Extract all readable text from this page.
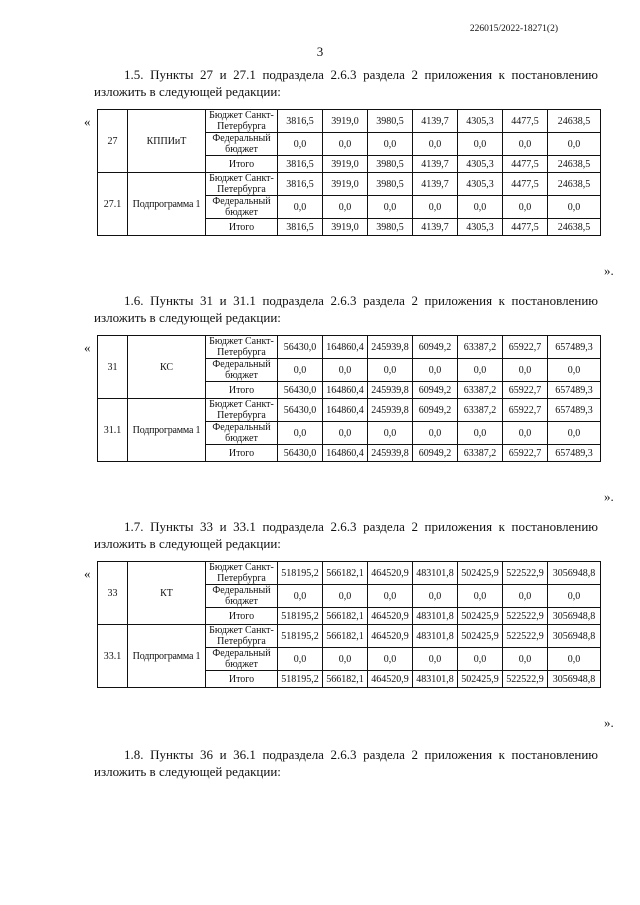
226015/2022-18271(2)
3
1.5. Пункты 27 и 27.1 подраздела 2.6.3 раздела 2 приложения к постановлению
изложить в следующей редакции:
«
27	КППИиТ	Бюджет Санкт-Петербурга	3816,5	3919,0	3980,5	4139,7	4305,3	4477,5	24638,5
		Федеральный бюджет	0,0	0,0	0,0	0,0	0,0	0,0	0,0
		Итого	3816,5	3919,0	3980,5	4139,7	4305,3	4477,5	24638,5
27.1	Подпрограмма 1	Бюджет Санкт-Петербурга	3816,5	3919,0	3980,5	4139,7	4305,3	4477,5	24638,5
		Федеральный бюджет	0,0	0,0	0,0	0,0	0,0	0,0	0,0
		Итого	3816,5	3919,0	3980,5	4139,7	4305,3	4477,5	24638,5
».
1.6. Пункты 31 и 31.1 подраздела 2.6.3 раздела 2 приложения к постановлению
изложить в следующей редакции:
«
31	КС	Бюджет Санкт-Петербурга	56430,0	164860,4	245939,8	60949,2	63387,2	65922,7	657489,3
		Федеральный бюджет	0,0	0,0	0,0	0,0	0,0	0,0	0,0
		Итого	56430,0	164860,4	245939,8	60949,2	63387,2	65922,7	657489,3
31.1	Подпрограмма 1	Бюджет Санкт-Петербурга	56430,0	164860,4	245939,8	60949,2	63387,2	65922,7	657489,3
		Федеральный бюджет	0,0	0,0	0,0	0,0	0,0	0,0	0,0
		Итого	56430,0	164860,4	245939,8	60949,2	63387,2	65922,7	657489,3
».
1.7. Пункты 33 и 33.1 подраздела 2.6.3 раздела 2 приложения к постановлению
изложить в следующей редакции:
«
33	КТ	Бюджет Санкт-Петербурга	518195,2	566182,1	464520,9	483101,8	502425,9	522522,9	3056948,8
		Федеральный бюджет	0,0	0,0	0,0	0,0	0,0	0,0	0,0
		Итого	518195,2	566182,1	464520,9	483101,8	502425,9	522522,9	3056948,8
33.1	Подпрограмма 1	Бюджет Санкт-Петербурга	518195,2	566182,1	464520,9	483101,8	502425,9	522522,9	3056948,8
		Федеральный бюджет	0,0	0,0	0,0	0,0	0,0	0,0	0,0
		Итого	518195,2	566182,1	464520,9	483101,8	502425,9	522522,9	3056948,8
».
1.8. Пункты 36 и 36.1 подраздела 2.6.3 раздела 2 приложения к постановлению
изложить в следующей редакции:
